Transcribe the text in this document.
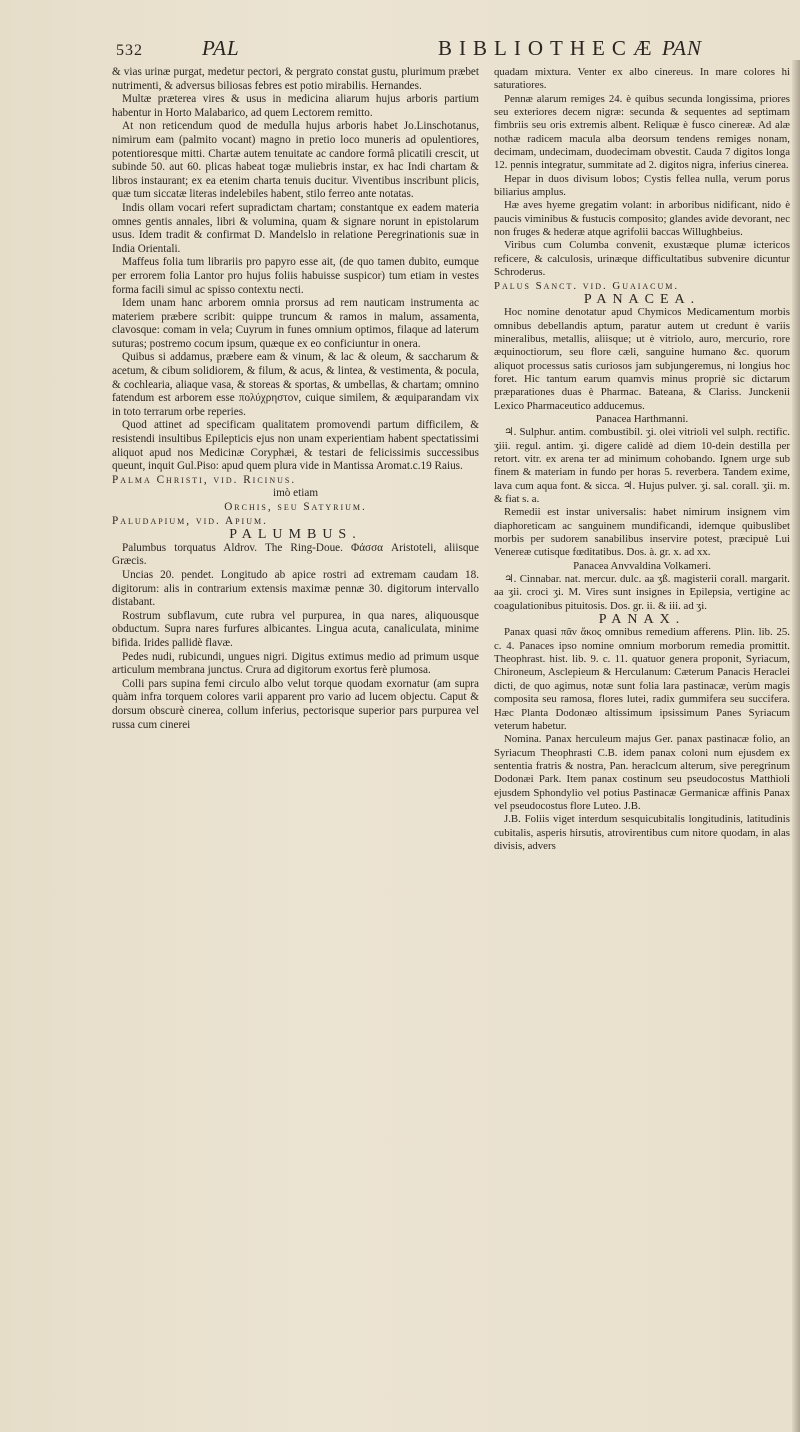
532	PAL	BIBLIOTHECÆ PAN

& vias urinæ purgat, medetur pectori, & pergrato constat gustu, plurimum præbet nutrimenti, & adversus biliosas febres est potio mirabilis. Hernandes.

Multæ præterea vires & usus in medicina aliarum hujus arboris partium habentur in Horto Malabarico, ad quem Lectorem remitto.

At non reticendum quod de medulla hujus arboris habet Jo.Linschotanus, nimirum eam (palmito vocant) magno in pretio loco muneris ad opulentiores, potentioresque mitti. Chartæ autem tenuitate ac candore formâ plicatili crescit, ut subinde 50. aut 60. plicas habeat togæ muliebris instar, ex hac Indi chartam & libros instaurant; ex ea etenim charta tenuis ducitur. Viventibus inscribunt plicis, quæ tum siccatæ literas indelebiles habent, stilo ferreo ante notatas.

Indis ollam vocari refert supradictam chartam; constantque ex eadem materia omnes gentis annales, libri & volumina, quam & signare norunt in epistolarum usus. Idem tradit & confirmat D. Mandelslo in relatione Peregrinationis suæ in India Orientali.

Maffeus folia tum librariis pro papyro esse ait, (de quo tamen dubito, eumque per errorem folia Lantor pro hujus foliis habuisse suspicor) tum etiam in vestes forma facili simul ac spisso contextu necti.

Idem unam hanc arborem omnia prorsus ad rem nauticam instrumenta ac materiem præbere scribit: quippe truncum & ramos in malum, assamenta, clavosque: comam in vela; Cuyrum in funes omnium optimos, filaque ad laterum suturas; postremo cocum ipsum, quæque ex eo conficiuntur in onera.

Quibus si addamus, præbere eam & vinum, & lac & oleum, & saccharum & acetum, & cibum solidiorem, & filum, & acus, & lintea, & vestimenta, & pocula, & cochlearia, aliaque vasa, & storeas & sportas, & umbellas, & chartam; omnino fatendum est arborem esse πολύχρηστον, cuique similem, & æquiparandam vix in toto terrarum orbe reperies.

Quod attinet ad specificam qualitatem promovendi partum difficilem, & resistendi insultibus Epilepticis ejus non unam experientiam habent spectatissimi aliquot apud nos Medicinæ Coryphæi, & testari de felicissimis successibus queunt, inquit Gul.Piso: apud quem plura vide in Mantissa Aromat.c.19 Raius.

Palma Christi, vid. Ricinus.

imò etiam

Orchis, seu Satyrium.

Paludapium, vid. Apium.

PALUMBUS.

Palumbus torquatus Aldrov. The Ring-Doue. Φάσσα Aristoteli, aliisque Græcis.

Uncias 20. pendet. Longitudo ab apice rostri ad extremam caudam 18. digitorum: alis in contrarium extensis maximæ pennæ 30. digitorum intervallo distabant.

Rostrum subflavum, cute rubra vel purpurea, in qua nares, aliquousque obductum. Supra nares furfures albicantes. Lingua acuta, canaliculata, minime bifida. Irides pallidè flavæ.

Pedes nudi, rubicundi, ungues nigri. Digitus extimus medio ad primum usque articulum membrana junctus. Crura ad digitorum exortus ferè plumosa.

Colli pars supina femi circulo albo velut torque quodam exornatur (am supra quàm infra torquem colores varii apparent pro vario ad lucem objectu. Caput & dorsum obscurè cinerea, collum inferius, pectorisque superior pars purpurea vel russa cum cinerei

quadam mixtura. Venter ex albo cinereus. In mare colores hi saturatiores.

Pennæ alarum remiges 24. è quibus secunda longissima, priores seu exteriores decem nigræ: secunda & sequentes ad septimam fimbriis seu oris extremis albent. Reliquæ è fusco cinereæ. Ad alæ nothæ radicem macula alba deorsum tendens remiges nonam, decimam, undecimam, duodecimam obvestit. Cauda 7 digitos longa 12. pennis integratur, summitate ad 2. digitos nigra, inferius cinerea.

Hepar in duos divisum lobos; Cystis fellea nulla, verum porus biliarius amplus.

Hæ aves hyeme gregatim volant: in arboribus nidificant, nido è paucis viminibus & fustucis composito; glandes avide devorant, nec non fruges & hederæ atque agrifolii baccas Willughbeius.

Viribus cum Columba convenit, exustæque plumæ ictericos reficere, & calculosis, urinæque difficultatibus subvenire dicuntur Schroderus.

Palus Sanct. vid. Guaiacum.

PANACEA.

Hoc nomine denotatur apud Chymicos Medicamentum morbis omnibus debellandis aptum, paratur autem ut credunt è variis mineralibus, metallis, aliisque; ut è vitriolo, auro, mercurio, rore æquinoctiorum, seu flore cæli, sanguine humano &c. quorum aliquot processus satis curiosos jam subjungeremus, ni longius hoc foret. Hic tantum earum quamvis minus propriè sic dictarum præparationes duas è Pharmac. Bateana, & Clariss. Junckenii Lexico Pharmaceutico adducemus.

Panacea Harthmanni.

♃. Sulphur. antim. combustibil. ʒi. olei vitrioli vel sulph. rectific. ʒiii. regul. antim. ʒi. digere calidè ad diem 10-dein destilla per retort. vitr. ex arena ter ad minimum cohobando. Ignem urge sub finem & materiam in fundo per horas 5. reverbera. Tandem exime, lava cum aqua font. & sicca. ♃. Hujus pulver. ʒi. sal. corall. ʒii. m. & fiat s. a.

Remedii est instar universalis: habet nimirum insignem vim diaphoreticam ac sanguinem mundificandi, idemque quibuslibet morbis per sudorem sanabilibus inservire potest, præcipuè Lui Venereæ cutisque fœditatibus. Dos. à. gr. x. ad xx.

Panacea Anvvaldina Volkameri.

♃. Cinnabar. nat. mercur. dulc. aa ʒß. magisterii corall. margarit. aa ʒii. croci ʒi. M. Vires sunt insignes in Epilepsia, vertigine ac coagulationibus pituitosis. Dos. gr. ii. & iii. ad ʒi.

PANAX.

Panax quasi πᾶν ἄκος omnibus remedium afferens. Plin. lib. 25. c. 4. Panaces ipso nomine omnium morborum remedia promittit. Theophrast. hist. lib. 9. c. 11. quatuor genera proponit, Syriacum, Chironeum, Asclepieum & Herculanum: Cæterum Panacis Heraclei dicti, de quo agimus, notæ sunt folia lara pastinacæ, verùm magis composita seu ramosa, flores lutei, radix gummifera seu succifera. Hæc Planta Dodonæo altissimum ipsissimum Panes Syriacum veterum habetur.

Nomina. Panax herculeum majus Ger. panax pastinacæ folio, an Syriacum Theophrasti C.B. idem panax coloni num ejusdem ex sententia fratris & nostra, Pan. heraclcum alterum, sive peregrinum Dodonæi Park. Item panax costinum seu pseudocostus Matthioli ejusdem Sphondylio vel potius Pastinacæ Germanicæ affinis Panax vel pseudocostus flore Luteo. J.B.

J.B. Foliis viget interdum sesquicubitalis longitudinis, latitudinis cubitalis, asperis hirsutis, atrovirentibus cum nitore quodam, in alas divisis, advers
